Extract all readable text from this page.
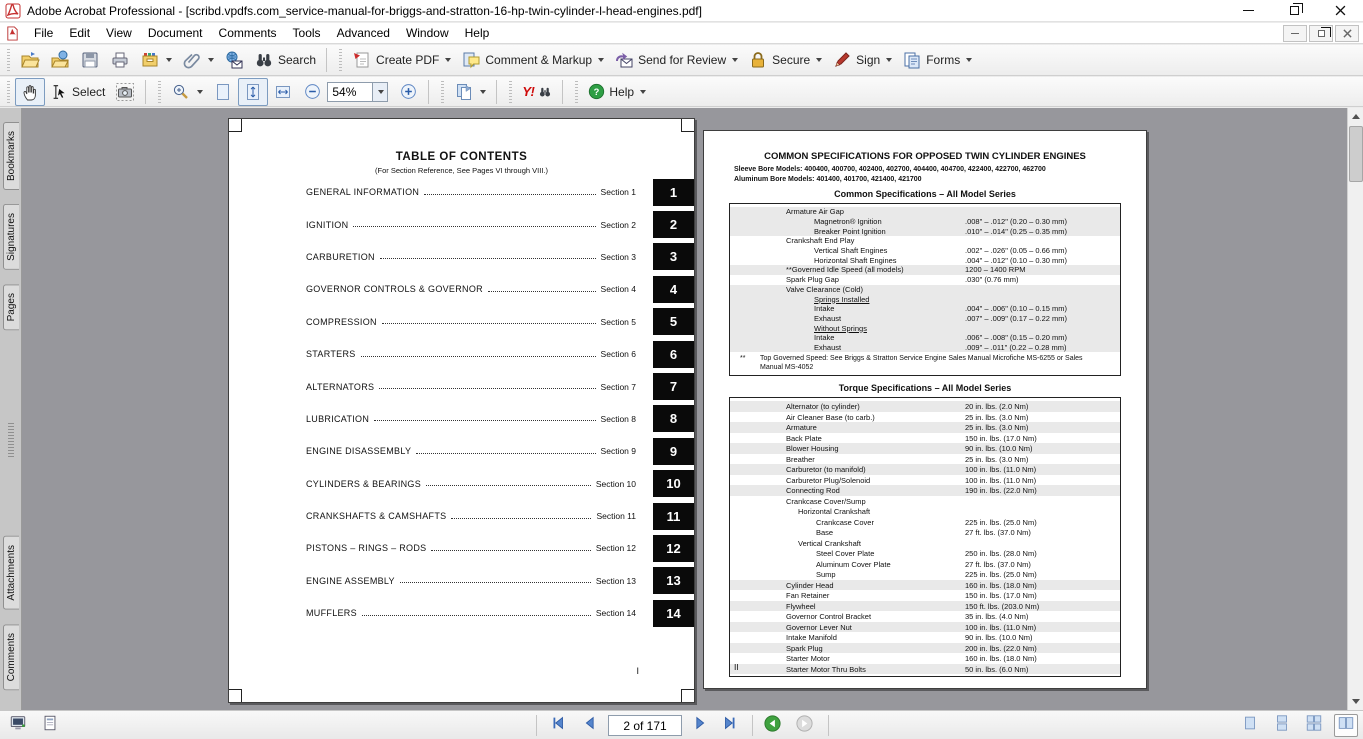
Adobe Acrobat Professional - [scribd.vpdfs.com_service-manual-for-briggs-and-stratton-16-hp-twin-cylinder-l-head-engines.pdf]
File	Edit	View	Document	Comments	Tools	Advanced	Window	Help
Search	Create PDF	Comment & Markup	Send for Review	Secure	Sign	Forms
Select
54%	Y!	? Help
Bookmarks
Signatures
Pages
Attachments
Comments
TABLE OF CONTENTS
(For Section Reference, See Pages VI through VIII.)
GENERAL INFORMATION	Section 1	1
IGNITION	Section 2	2
CARBURETION	Section 3	3
GOVERNOR CONTROLS & GOVERNOR	Section 4	4
COMPRESSION	Section 5	5
STARTERS	Section 6	6
ALTERNATORS	Section 7	7
LUBRICATION	Section 8	8
ENGINE DISASSEMBLY	Section 9	9
CYLINDERS & BEARINGS	Section 10	10
CRANKSHAFTS & CAMSHAFTS	Section 11	11
PISTONS – RINGS – RODS	Section 12	12
ENGINE ASSEMBLY	Section 13	13
MUFFLERS	Section 14	14
I
COMMON SPECIFICATIONS FOR OPPOSED TWIN CYLINDER ENGINES
Sleeve Bore Models: 400400, 400700, 402400, 402700, 404400, 404700, 422400, 422700, 462700
Aluminum Bore Models: 401400, 401700, 421400, 421700
Common Specifications – All Model Series
Armature Air Gap
Magnetron® Ignition	.008" – .012" (0.20 – 0.30 mm)
Breaker Point Ignition	.010" – .014" (0.25 – 0.35 mm)
Crankshaft End Play
Vertical Shaft Engines	.002" – .026" (0.05 – 0.66 mm)
Horizontal Shaft Engines	.004" – .012" (0.10 – 0.30 mm)
**Governed Idle Speed (all models)	1200 – 1400 RPM
Spark Plug Gap	.030" (0.76 mm)
Valve Clearance (Cold)
Springs Installed
Intake	.004" – .006" (0.10 – 0.15 mm)
Exhaust	.007" – .009" (0.17 – 0.22 mm)
Without Springs
Intake	.006" – .008" (0.15 – 0.20 mm)
Exhaust	.009" – .011" (0.22 – 0.28 mm)
** Top Governed Speed: See Briggs & Stratton Service Engine Sales Manual Microfiche MS-6255 or Sales Manual MS-4052
Torque Specifications – All Model Series
Alternator (to cylinder)	20 in. lbs. (2.0 Nm)
Air Cleaner Base (to carb.)	25 in. lbs. (3.0 Nm)
Armature	25 in. lbs. (3.0 Nm)
Back Plate	150 in. lbs. (17.0 Nm)
Blower Housing	90 in. lbs. (10.0 Nm)
Breather	25 in. lbs. (3.0 Nm)
Carburetor (to manifold)	100 in. lbs. (11.0 Nm)
Carburetor Plug/Solenoid	100 in. lbs. (11.0 Nm)
Connecting Rod	190 in. lbs. (22.0 Nm)
Crankcase Cover/Sump
Horizontal Crankshaft
Crankcase Cover	225 in. lbs. (25.0 Nm)
Base	27 ft. lbs. (37.0 Nm)
Vertical Crankshaft
Steel Cover Plate	250 in. lbs. (28.0 Nm)
Aluminum Cover Plate	27 ft. lbs. (37.0 Nm)
Sump	225 in. lbs. (25.0 Nm)
Cylinder Head	160 in. lbs. (18.0 Nm)
Fan Retainer	150 in. lbs. (17.0 Nm)
Flywheel	150 ft. lbs. (203.0 Nm)
Governor Control Bracket	35 in. lbs. (4.0 Nm)
Governor Lever Nut	100 in. lbs. (11.0 Nm)
Intake Manifold	90 in. lbs. (10.0 Nm)
Spark Plug	200 in. lbs. (22.0 Nm)
Starter Motor	160 in. lbs. (18.0 Nm)
Starter Motor Thru Bolts	50 in. lbs. (6.0 Nm)
II
2 of 171
